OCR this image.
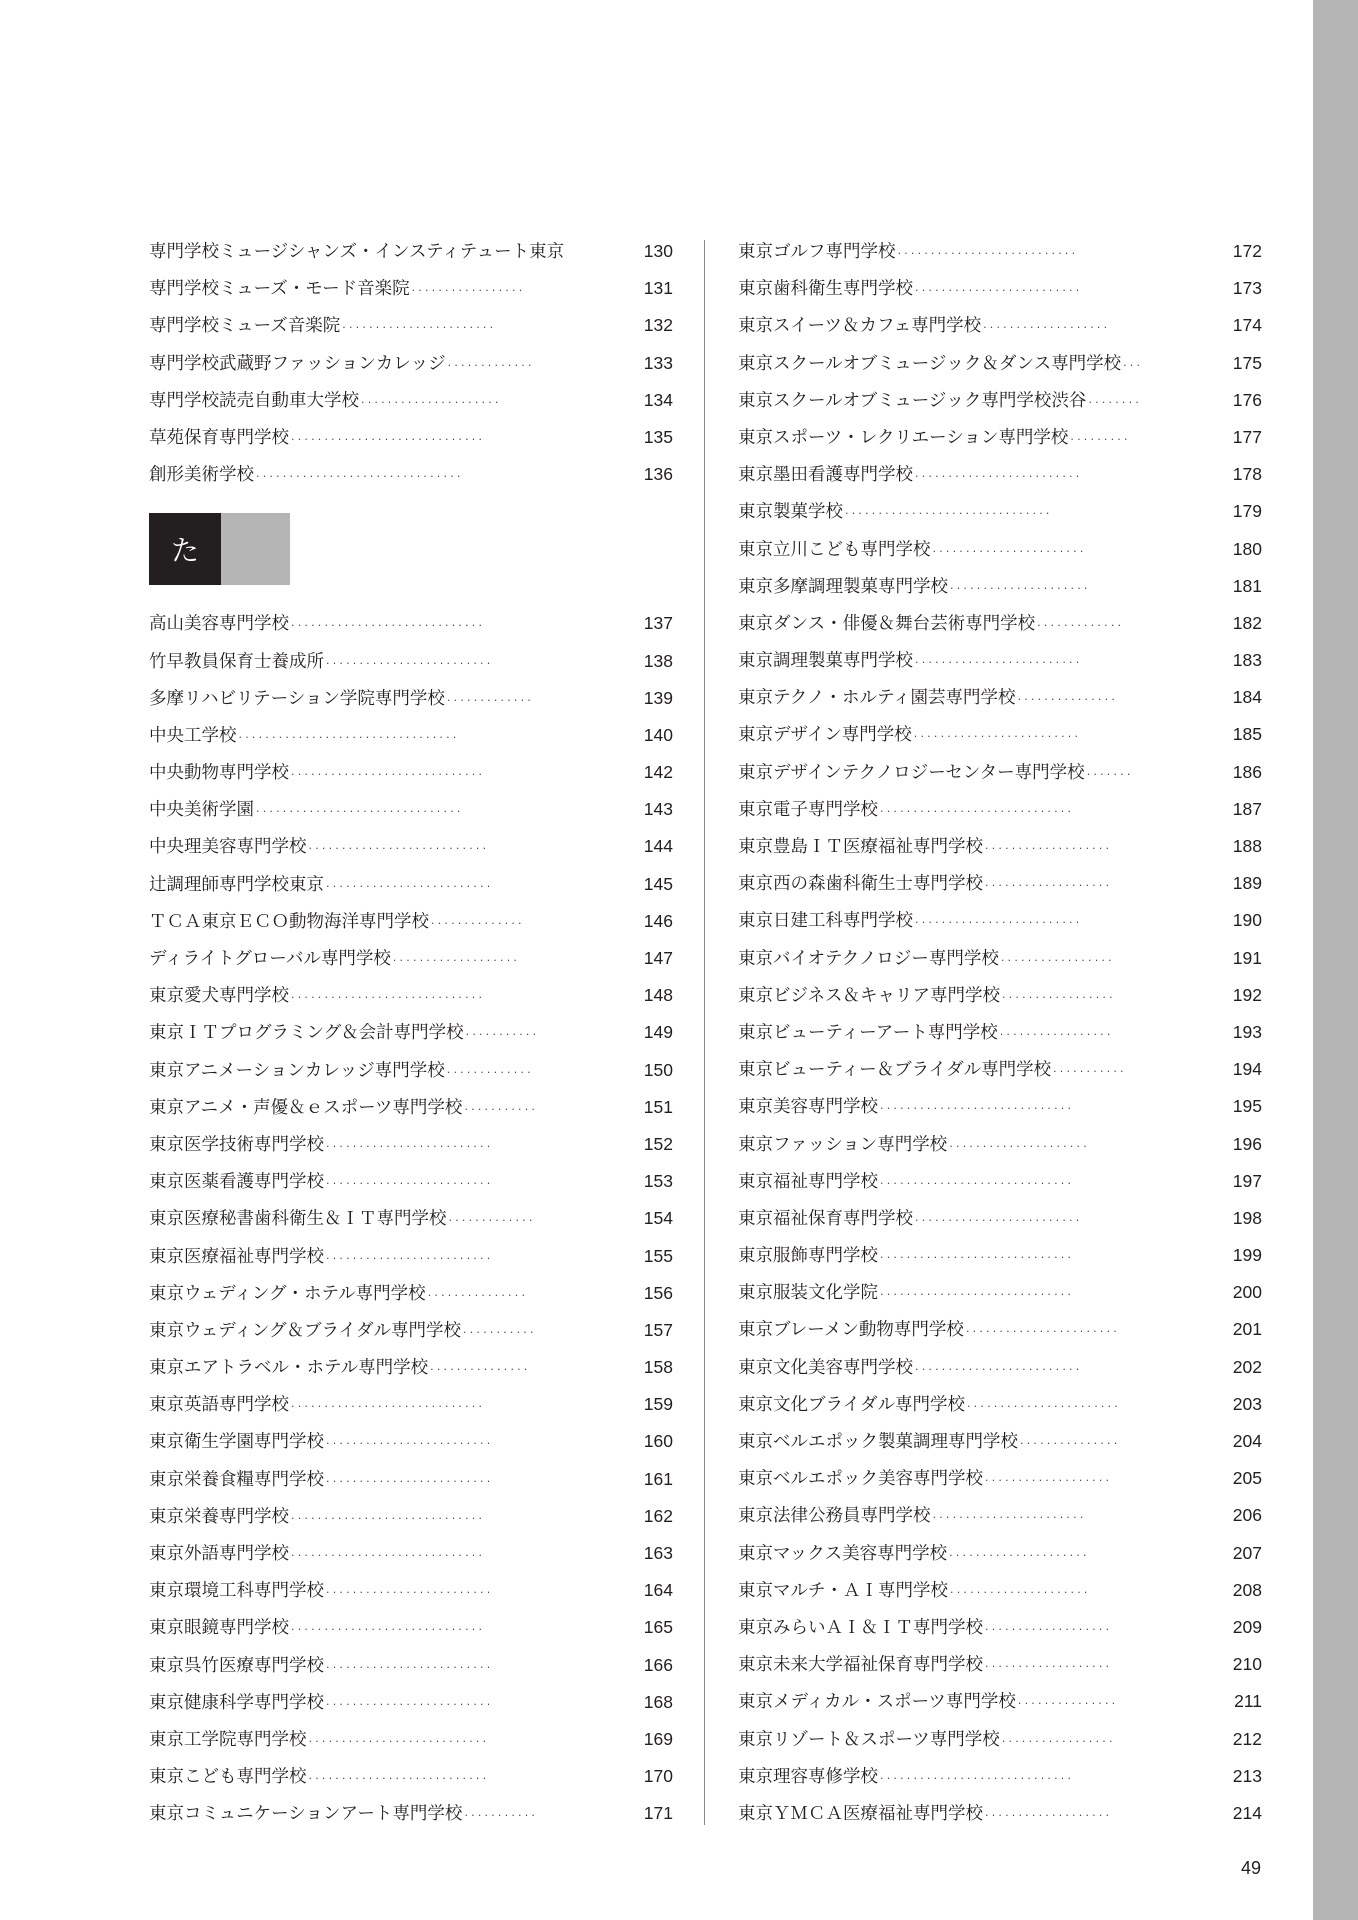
専門学校ミュージシャンズ・インスティテュート東京	130
専門学校ミューズ・モード音楽院 ·················	131
専門学校ミューズ音楽院 ·······················	132
専門学校武蔵野ファッションカレッジ ·············	133
専門学校読売自動車大学校 ·····················	134
草苑保育専門学校 ·····························	135
創形美術学校 ·······························	136
た
高山美容専門学校 ·····························	137
竹早教員保育士養成所 ·························	138
多摩リハビリテーション学院専門学校 ·············	139
中央工学校 ·································	140
中央動物専門学校 ·····························	142
中央美術学園 ·······························	143
中央理美容専門学校 ···························	144
辻調理師専門学校東京 ·························	145
ＴＣＡ東京ＥＣＯ動物海洋専門学校 ··············	146
ディライトグローバル専門学校 ···················	147
東京愛犬専門学校 ·····························	148
東京ＩＴプログラミング＆会計専門学校 ···········	149
東京アニメーションカレッジ専門学校 ·············	150
東京アニメ・声優＆ｅスポーツ専門学校 ···········	151
東京医学技術専門学校 ·························	152
東京医薬看護専門学校 ·························	153
東京医療秘書歯科衛生＆ＩＴ専門学校 ·············	154
東京医療福祉専門学校 ·························	155
東京ウェディング・ホテル専門学校 ···············	156
東京ウェディング＆ブライダル専門学校 ···········	157
東京エアトラベル・ホテル専門学校 ···············	158
東京英語専門学校 ·····························	159
東京衛生学園専門学校 ·························	160
東京栄養食糧専門学校 ·························	161
東京栄養専門学校 ·····························	162
東京外語専門学校 ·····························	163
東京環境工科専門学校 ·························	164
東京眼鏡専門学校 ·····························	165
東京呉竹医療専門学校 ·························	166
東京健康科学専門学校 ·························	168
東京工学院専門学校 ···························	169
東京こども専門学校 ···························	170
東京コミュニケーションアート専門学校 ···········	171
東京ゴルフ専門学校 ···························	172
東京歯科衛生専門学校 ·························	173
東京スイーツ＆カフェ専門学校 ···················	174
東京スクールオブミュージック＆ダンス専門学校 ···	175
東京スクールオブミュージック専門学校渋谷 ········	176
東京スポーツ・レクリエーション専門学校 ·········	177
東京墨田看護専門学校 ·························	178
東京製菓学校 ·······························	179
東京立川こども専門学校 ·······················	180
東京多摩調理製菓専門学校 ·····················	181
東京ダンス・俳優＆舞台芸術専門学校 ·············	182
東京調理製菓専門学校 ·························	183
東京テクノ・ホルティ園芸専門学校 ···············	184
東京デザイン専門学校 ·························	185
東京デザインテクノロジーセンター専門学校 ·······	186
東京電子専門学校 ·····························	187
東京豊島ＩＴ医療福祉専門学校 ···················	188
東京西の森歯科衛生士専門学校 ···················	189
東京日建工科専門学校 ·························	190
東京バイオテクノロジー専門学校 ·················	191
東京ビジネス＆キャリア専門学校 ·················	192
東京ビューティーアート専門学校 ·················	193
東京ビューティー＆ブライダル専門学校 ···········	194
東京美容専門学校 ·····························	195
東京ファッション専門学校 ·····················	196
東京福祉専門学校 ·····························	197
東京福祉保育専門学校 ·························	198
東京服飾専門学校 ·····························	199
東京服装文化学院 ·····························	200
東京ブレーメン動物専門学校 ·······················	201
東京文化美容専門学校 ·························	202
東京文化ブライダル専門学校 ·······················	203
東京ベルエポック製菓調理専門学校 ···············	204
東京ベルエポック美容専門学校 ···················	205
東京法律公務員専門学校 ·······················	206
東京マックス美容専門学校 ·····················	207
東京マルチ・ＡＩ専門学校 ·····················	208
東京みらいＡＩ＆ＩＴ専門学校 ···················	209
東京未来大学福祉保育専門学校 ···················	210
東京メディカル・スポーツ専門学校 ···············	211
東京リゾート＆スポーツ専門学校 ·················	212
東京理容専修学校 ·····························	213
東京ＹＭＣＡ医療福祉専門学校 ···················	214
49
